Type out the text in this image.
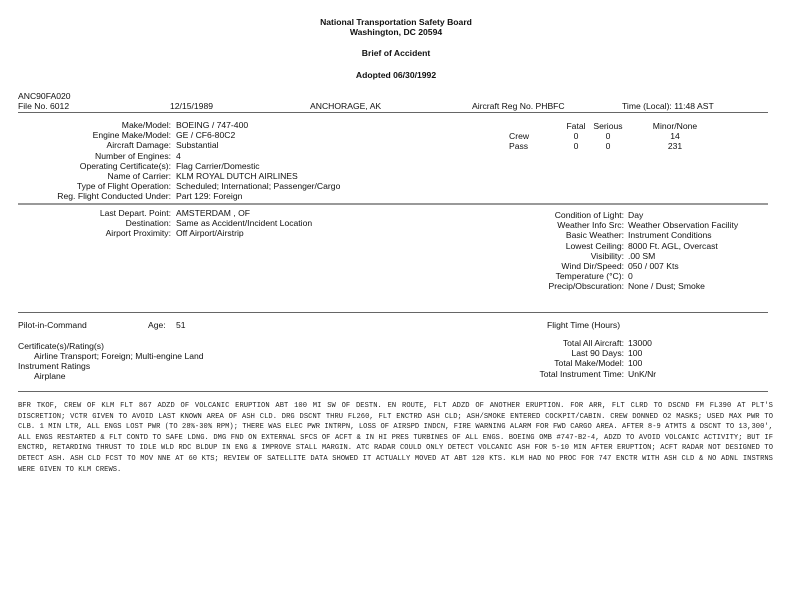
National Transportation Safety Board
Washington, DC 20594
Brief of Accident
Adopted 06/30/1992
ANC90FA020
File No. 6012	12/15/1989	ANCHORAGE, AK	Aircraft Reg No. PHBFC	Time (Local): 11:48 AST
Make/Model: BOEING / 747-400
Engine Make/Model: GE / CF6-80C2
Aircraft Damage: Substantial
Number of Engines: 4
Operating Certificate(s): Flag Carrier/Domestic
Name of Carrier: KLM ROYAL DUTCH AIRLINES
Type of Flight Operation: Scheduled; International; Passenger/Cargo
Reg. Flight Conducted Under: Part 129: Foreign
Fatal Serious	Minor/None
Crew	0	0	14
Pass	0	0	231
Last Depart. Point: AMSTERDAM , OF
Destination: Same as Accident/Incident Location
Airport Proximity: Off Airport/Airstrip
Condition of Light: Day
Weather Info Src: Weather Observation Facility
Basic Weather: Instrument Conditions
Lowest Ceiling: 8000 Ft. AGL, Overcast
Visibility: .00 SM
Wind Dir/Speed: 050 / 007 Kts
Temperature (°C): 0
Precip/Obscuration: None / Dust; Smoke
Pilot-in-Command	Age: 51
Certificate(s)/Rating(s)
Airline Transport; Foreign; Multi-engine Land
Instrument Ratings
Airplane
Flight Time (Hours)
Total All Aircraft: 13000
Last 90 Days: 100
Total Make/Model: 100
Total Instrument Time: UnK/Nr
BFR TKOF, CREW OF KLM FLT 867 ADZD OF VOLCANIC ERUPTION ABT 100 MI SW OF DESTN. EN ROUTE, FLT ADZD OF ANOTHER ERUPTION. FOR ARR, FLT CLRD TO DSCND FM FL390 AT PLT'S DISCRETION; VCTR GIVEN TO AVOID LAST KNOWN AREA OF ASH CLD. DRG DSCNT THRU FL260, FLT ENCTRD ASH CLD; ASH/SMOKE ENTERED COCKPIT/CABIN. CREW DONNED O2 MASKS; USED MAX PWR TO CLB. 1 MIN LTR, ALL ENGS LOST PWR (TO 28%-30% RPM); THERE WAS ELEC PWR INTRPN, LOSS OF AIRSPD INDCN, FIRE WARNING ALARM FOR FWD CARGO AREA. AFTER 8-9 ATMTS & DSCNT TO 13,300', ALL ENGS RESTARTED & FLT CONTD TO SAFE LDNG. DMG FND ON EXTERNAL SFCS OF ACFT & IN HI PRES TURBINES OF ALL ENGS. BOEING OMB #747-B2-4, ADZD TO AVOID VOLCANIC ACTIVITY; BUT IF ENCTRD, RETARDING THRUST TO IDLE WLD RDC BLDUP IN ENG & IMPROVE STALL MARGIN. ATC RADAR COULD ONLY DETECT VOLCANIC ASH FOR 5-10 MIN AFTER ERUPTION; ACFT RADAR NOT DESIGNED TO DETECT ASH. ASH CLD FCST TO MOV NNE AT 60 KTS; REVIEW OF SATELLITE DATA SHOWED IT ACTUALLY MOVED AT ABT 120 KTS. KLM HAD NO PROC FOR 747 ENCTR WITH ASH CLD & NO ADNL INSTRNS WERE GIVEN TO KLM CREWS.
